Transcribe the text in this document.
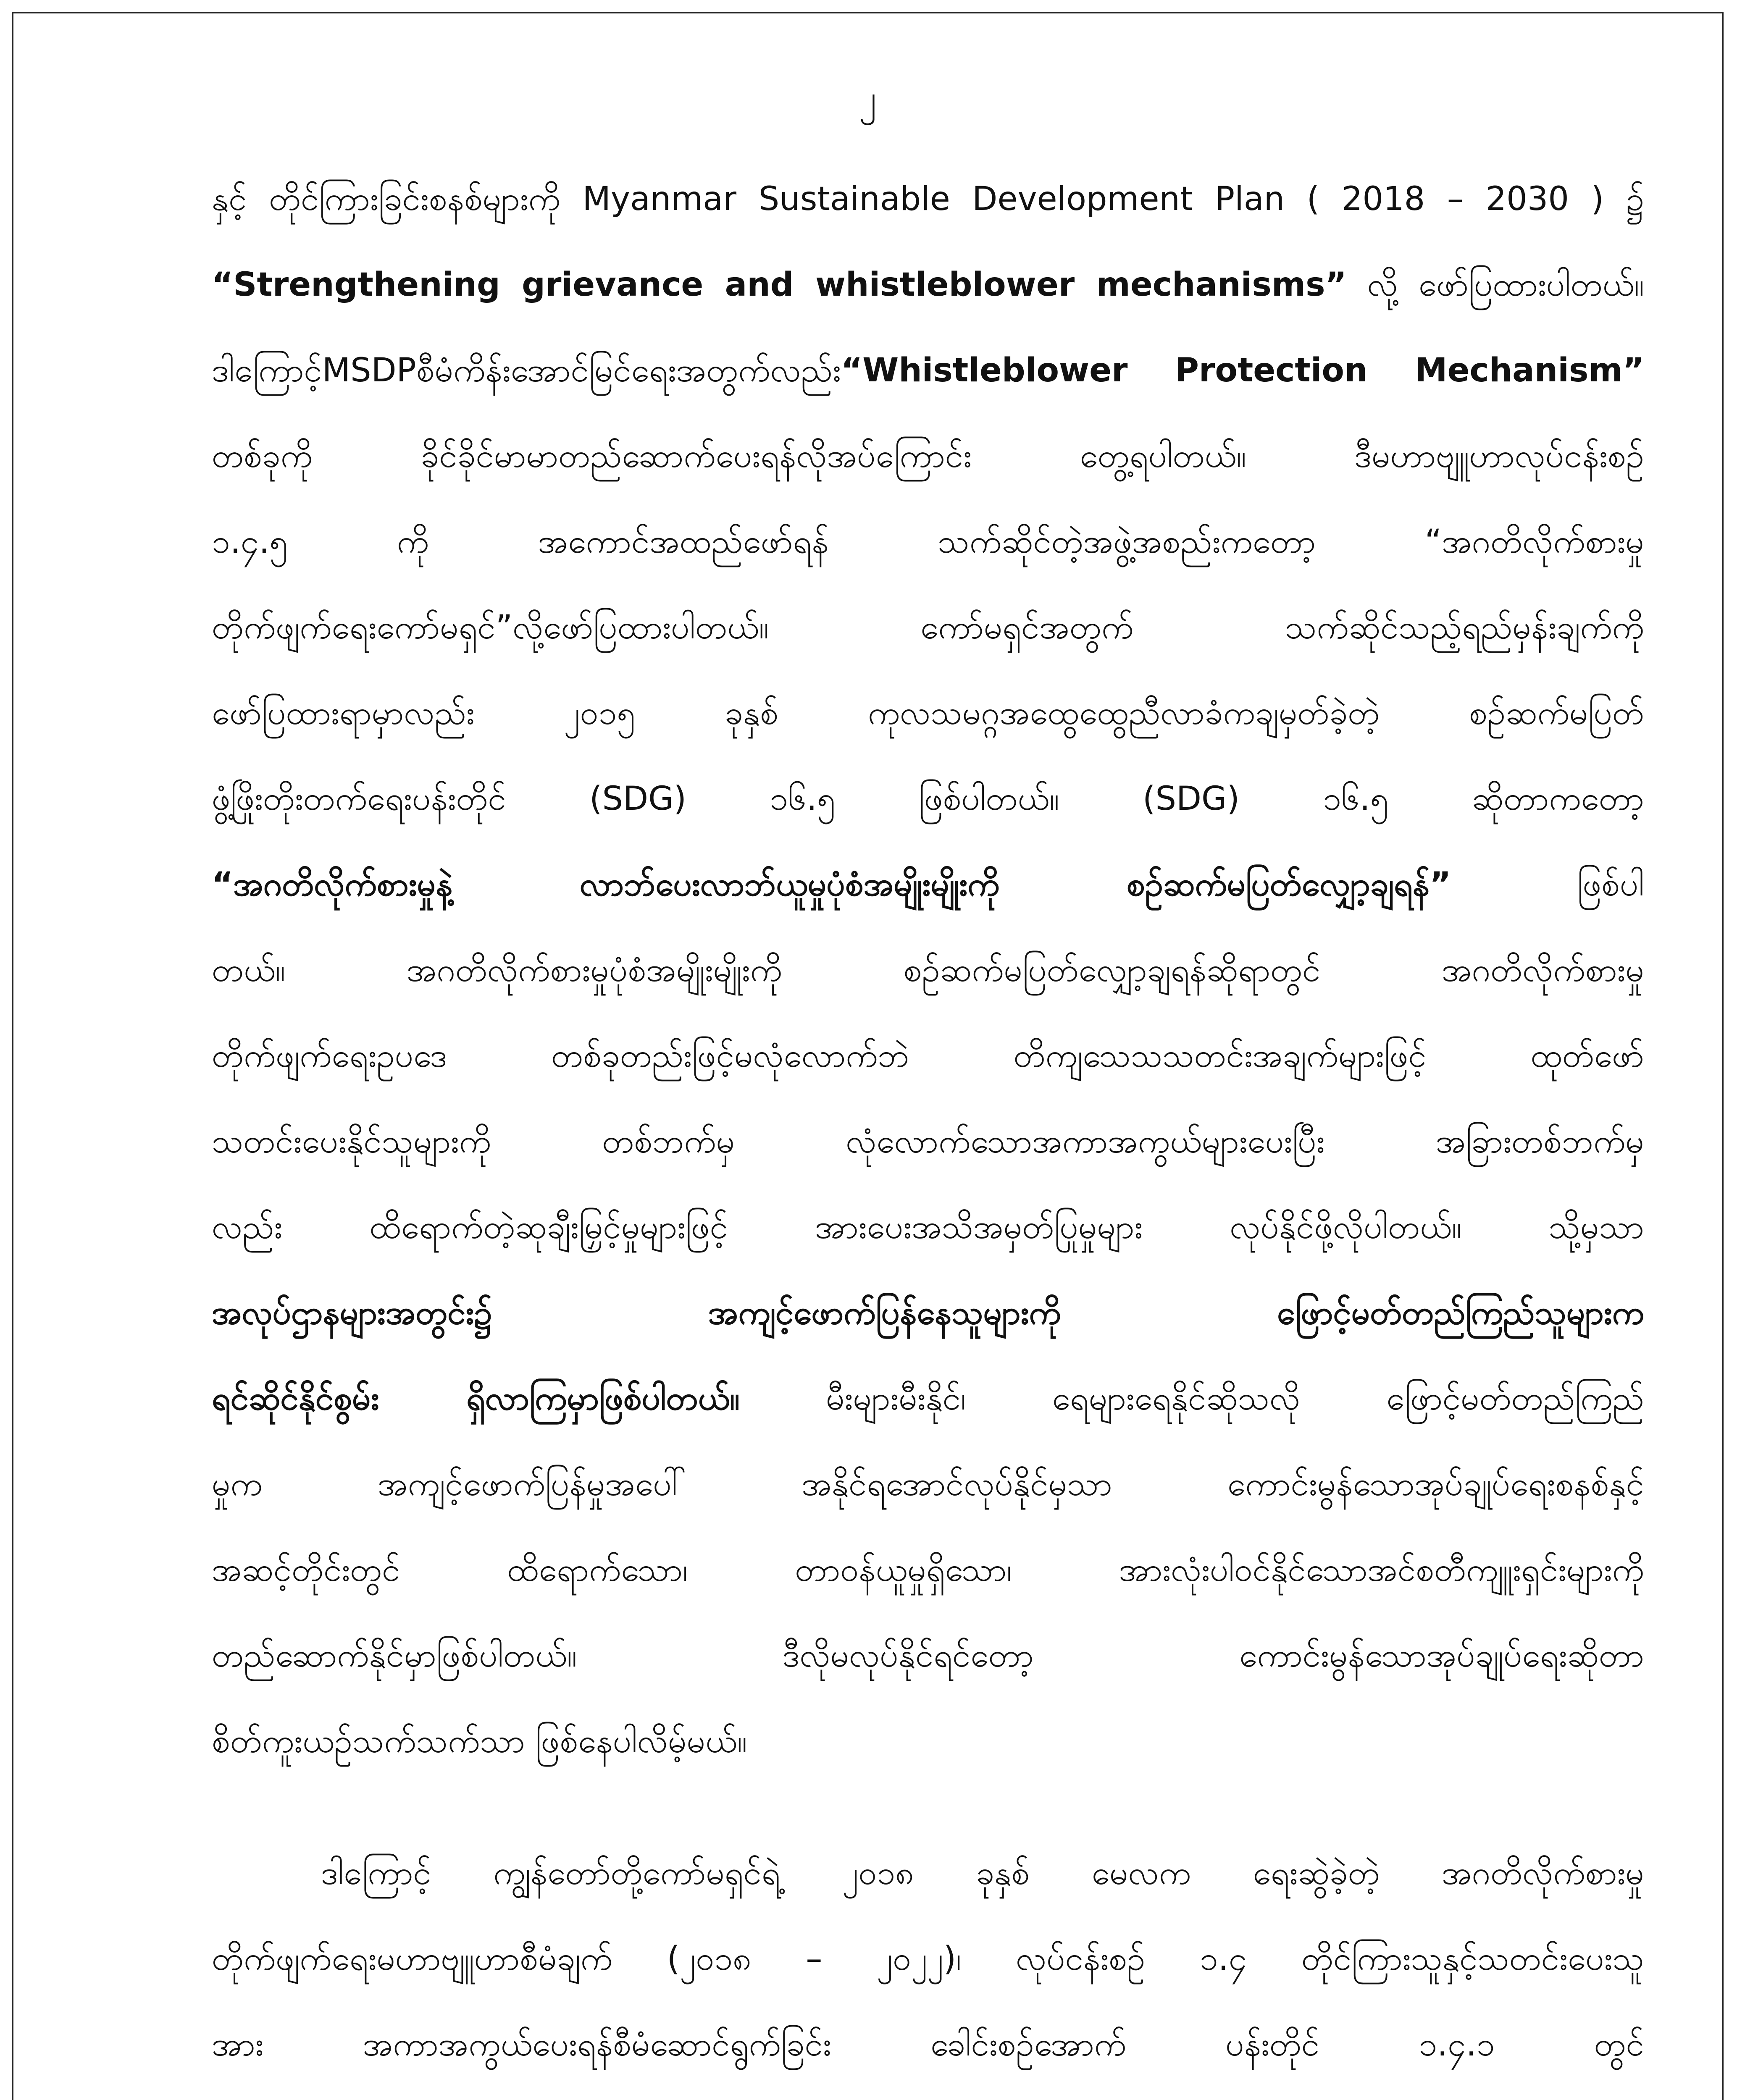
၂
နှင့် တိုင်ကြားခြင်းစနစ်များကို Myanmar Sustainable Development Plan ( 2018 – 2030 ) ၌
“Strengthening grievance and whistleblower mechanisms” လို့ ဖော်ပြထားပါတယ်။
ဒါကြောင့်MSDPစီမံကိန်းအောင်မြင်ရေးအတွက်လည်း“Whistleblower Protection Mechanism”
တစ်ခုကို ခိုင်ခိုင်မာမာတည်ဆောက်ပေးရန်လိုအပ်ကြောင်း တွေ့ရပါတယ်။ ဒီမဟာဗျူဟာလုပ်ငန်းစဉ်
၁.၄.၅ ကို အကောင်အထည်ဖော်ရန် သက်ဆိုင်တဲ့အဖွဲ့အစည်းကတော့ “အဂတိလိုက်စားမှု
တိုက်ဖျက်ရေးကော်မရှင်”လို့ဖော်ပြထားပါတယ်။ ကော်မရှင်အတွက် သက်ဆိုင်သည့်ရည်မှန်းချက်ကို
ဖော်ပြထားရာမှာလည်း ၂၀၁၅ ခုနှစ် ကုလသမဂ္ဂအထွေထွေညီလာခံကချမှတ်ခဲ့တဲ့ စဉ်ဆက်မပြတ်
ဖွံ့ဖြိုးတိုးတက်ရေးပန်းတိုင် (SDG) ၁၆.၅ ဖြစ်ပါတယ်။ (SDG) ၁၆.၅ ဆိုတာကတော့
“အဂတိလိုက်စားမှုနဲ့ လာဘ်ပေးလာဘ်ယူမှုပုံစံအမျိုးမျိုးကို စဉ်ဆက်မပြတ်လျှော့ချရန်” ဖြစ်ပါ
တယ်။ အဂတိလိုက်စားမှုပုံစံအမျိုးမျိုးကို စဉ်ဆက်မပြတ်လျှော့ချရန်ဆိုရာတွင် အဂတိလိုက်စားမှု
တိုက်ဖျက်ရေးဥပဒေ တစ်ခုတည်းဖြင့်မလုံလောက်ဘဲ တိကျသေသသတင်းအချက်များဖြင့် ထုတ်ဖော်
သတင်းပေးနိုင်သူများကို တစ်ဘက်မှ လုံလောက်သောအကာအကွယ်များပေးပြီး အခြားတစ်ဘက်မှ
လည်း ထိရောက်တဲ့ဆုချီးမြှင့်မှုများဖြင့် အားပေးအသိအမှတ်ပြုမှုများ လုပ်နိုင်ဖို့လိုပါတယ်။ သို့မှသာ
အလုပ်ဌာနများအတွင်း၌ အကျင့်ဖောက်ပြန်နေသူများကို ဖြောင့်မတ်တည်ကြည်သူများက
ရင်ဆိုင်နိုင်စွမ်း ရှိလာကြမှာဖြစ်ပါတယ်။ မီးများမီးနိုင်၊ ရေများရေနိုင်ဆိုသလို ဖြောင့်မတ်တည်ကြည်
မှုက အကျင့်ဖောက်ပြန်မှုအပေါ် အနိုင်ရအောင်လုပ်နိုင်မှသာ ကောင်းမွန်သောအုပ်ချုပ်ရေးစနစ်နှင့်
အဆင့်တိုင်းတွင် ထိရောက်သော၊ တာဝန်ယူမှုရှိသော၊ အားလုံးပါဝင်နိုင်သောအင်စတီကျူးရှင်းများကို
တည်ဆောက်နိုင်မှာဖြစ်ပါတယ်။ ဒီလိုမလုပ်နိုင်ရင်တော့ ကောင်းမွန်သောအုပ်ချုပ်ရေးဆိုတာ
စိတ်ကူးယဉ်သက်သက်သာ ဖြစ်နေပါလိမ့်မယ်။
ဒါကြောင့် ကျွန်တော်တို့ကော်မရှင်ရဲ့ ၂၀၁၈ ခုနှစ် မေလက ရေးဆွဲခဲ့တဲ့ အဂတိလိုက်စားမှု
တိုက်ဖျက်ရေးမဟာဗျူဟာစီမံချက် (၂၀၁၈ – ၂၀၂၂)၊ လုပ်ငန်းစဉ် ၁.၄ တိုင်ကြားသူနှင့်သတင်းပေးသူ
အား အကာအကွယ်ပေးရန်စီမံဆောင်ရွက်ခြင်း ခေါင်းစဉ်အောက် ပန်းတိုင် ၁.၄.၁ တွင်
